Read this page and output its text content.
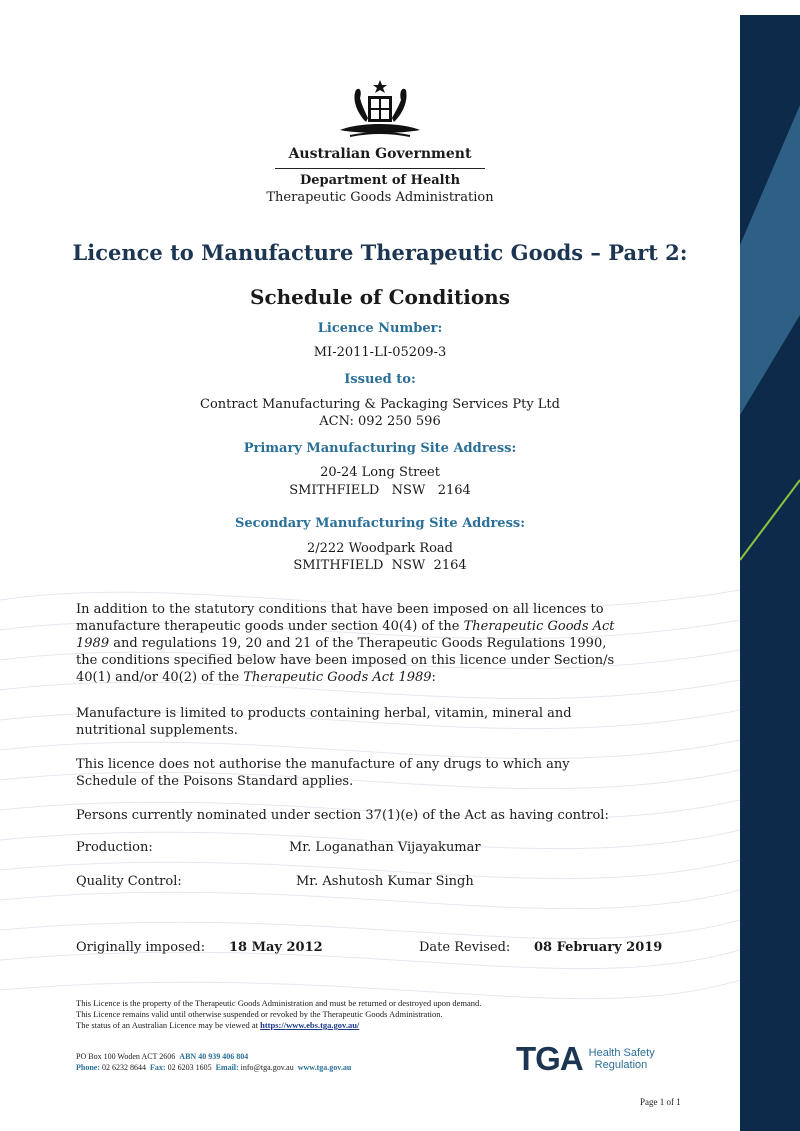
Australian Government
Department of Health
Therapeutic Goods Administration
Licence to Manufacture Therapeutic Goods – Part 2:
Schedule of Conditions
Licence Number:
MI-2011-LI-05209-3
Issued to:
Contract Manufacturing & Packaging Services Pty Ltd
ACN: 092 250 596
Primary Manufacturing Site Address:
20-24 Long Street
SMITHFIELD   NSW   2164
Secondary Manufacturing Site Address:
2/222 Woodpark Road
SMITHFIELD  NSW  2164
In addition to the statutory conditions that have been imposed on all licences to manufacture therapeutic goods under section 40(4) of the Therapeutic Goods Act 1989 and regulations 19, 20 and 21 of the Therapeutic Goods Regulations 1990, the conditions specified below have been imposed on this licence under Section/s 40(1) and/or 40(2) of the Therapeutic Goods Act 1989:
Manufacture is limited to products containing herbal, vitamin, mineral and nutritional supplements.
This licence does not authorise the manufacture of any drugs to which any Schedule of the Poisons Standard applies.
Persons currently nominated under section 37(1)(e) of the Act as having control:
Production:	Mr. Loganathan Vijayakumar
Quality Control:	Mr. Ashutosh Kumar Singh
Originally imposed: 18 May 2012	Date Revised: 08 February 2019
This Licence is the property of the Therapeutic Goods Administration and must be returned or destroyed upon demand.
This Licence remains valid until otherwise suspended or revoked by the Therapeutic Goods Administration.
The status of an Australian Licence may be viewed at https://www.ebs.tga.gov.au/
PO Box 100 Woden ACT 2606 ABN 40 939 406 804
Phone: 02 6232 8644 Fax: 02 6203 1605 Email: info@tga.gov.au www.tga.gov.au	TGA Health Safety
Regulation
Page 1 of 1
